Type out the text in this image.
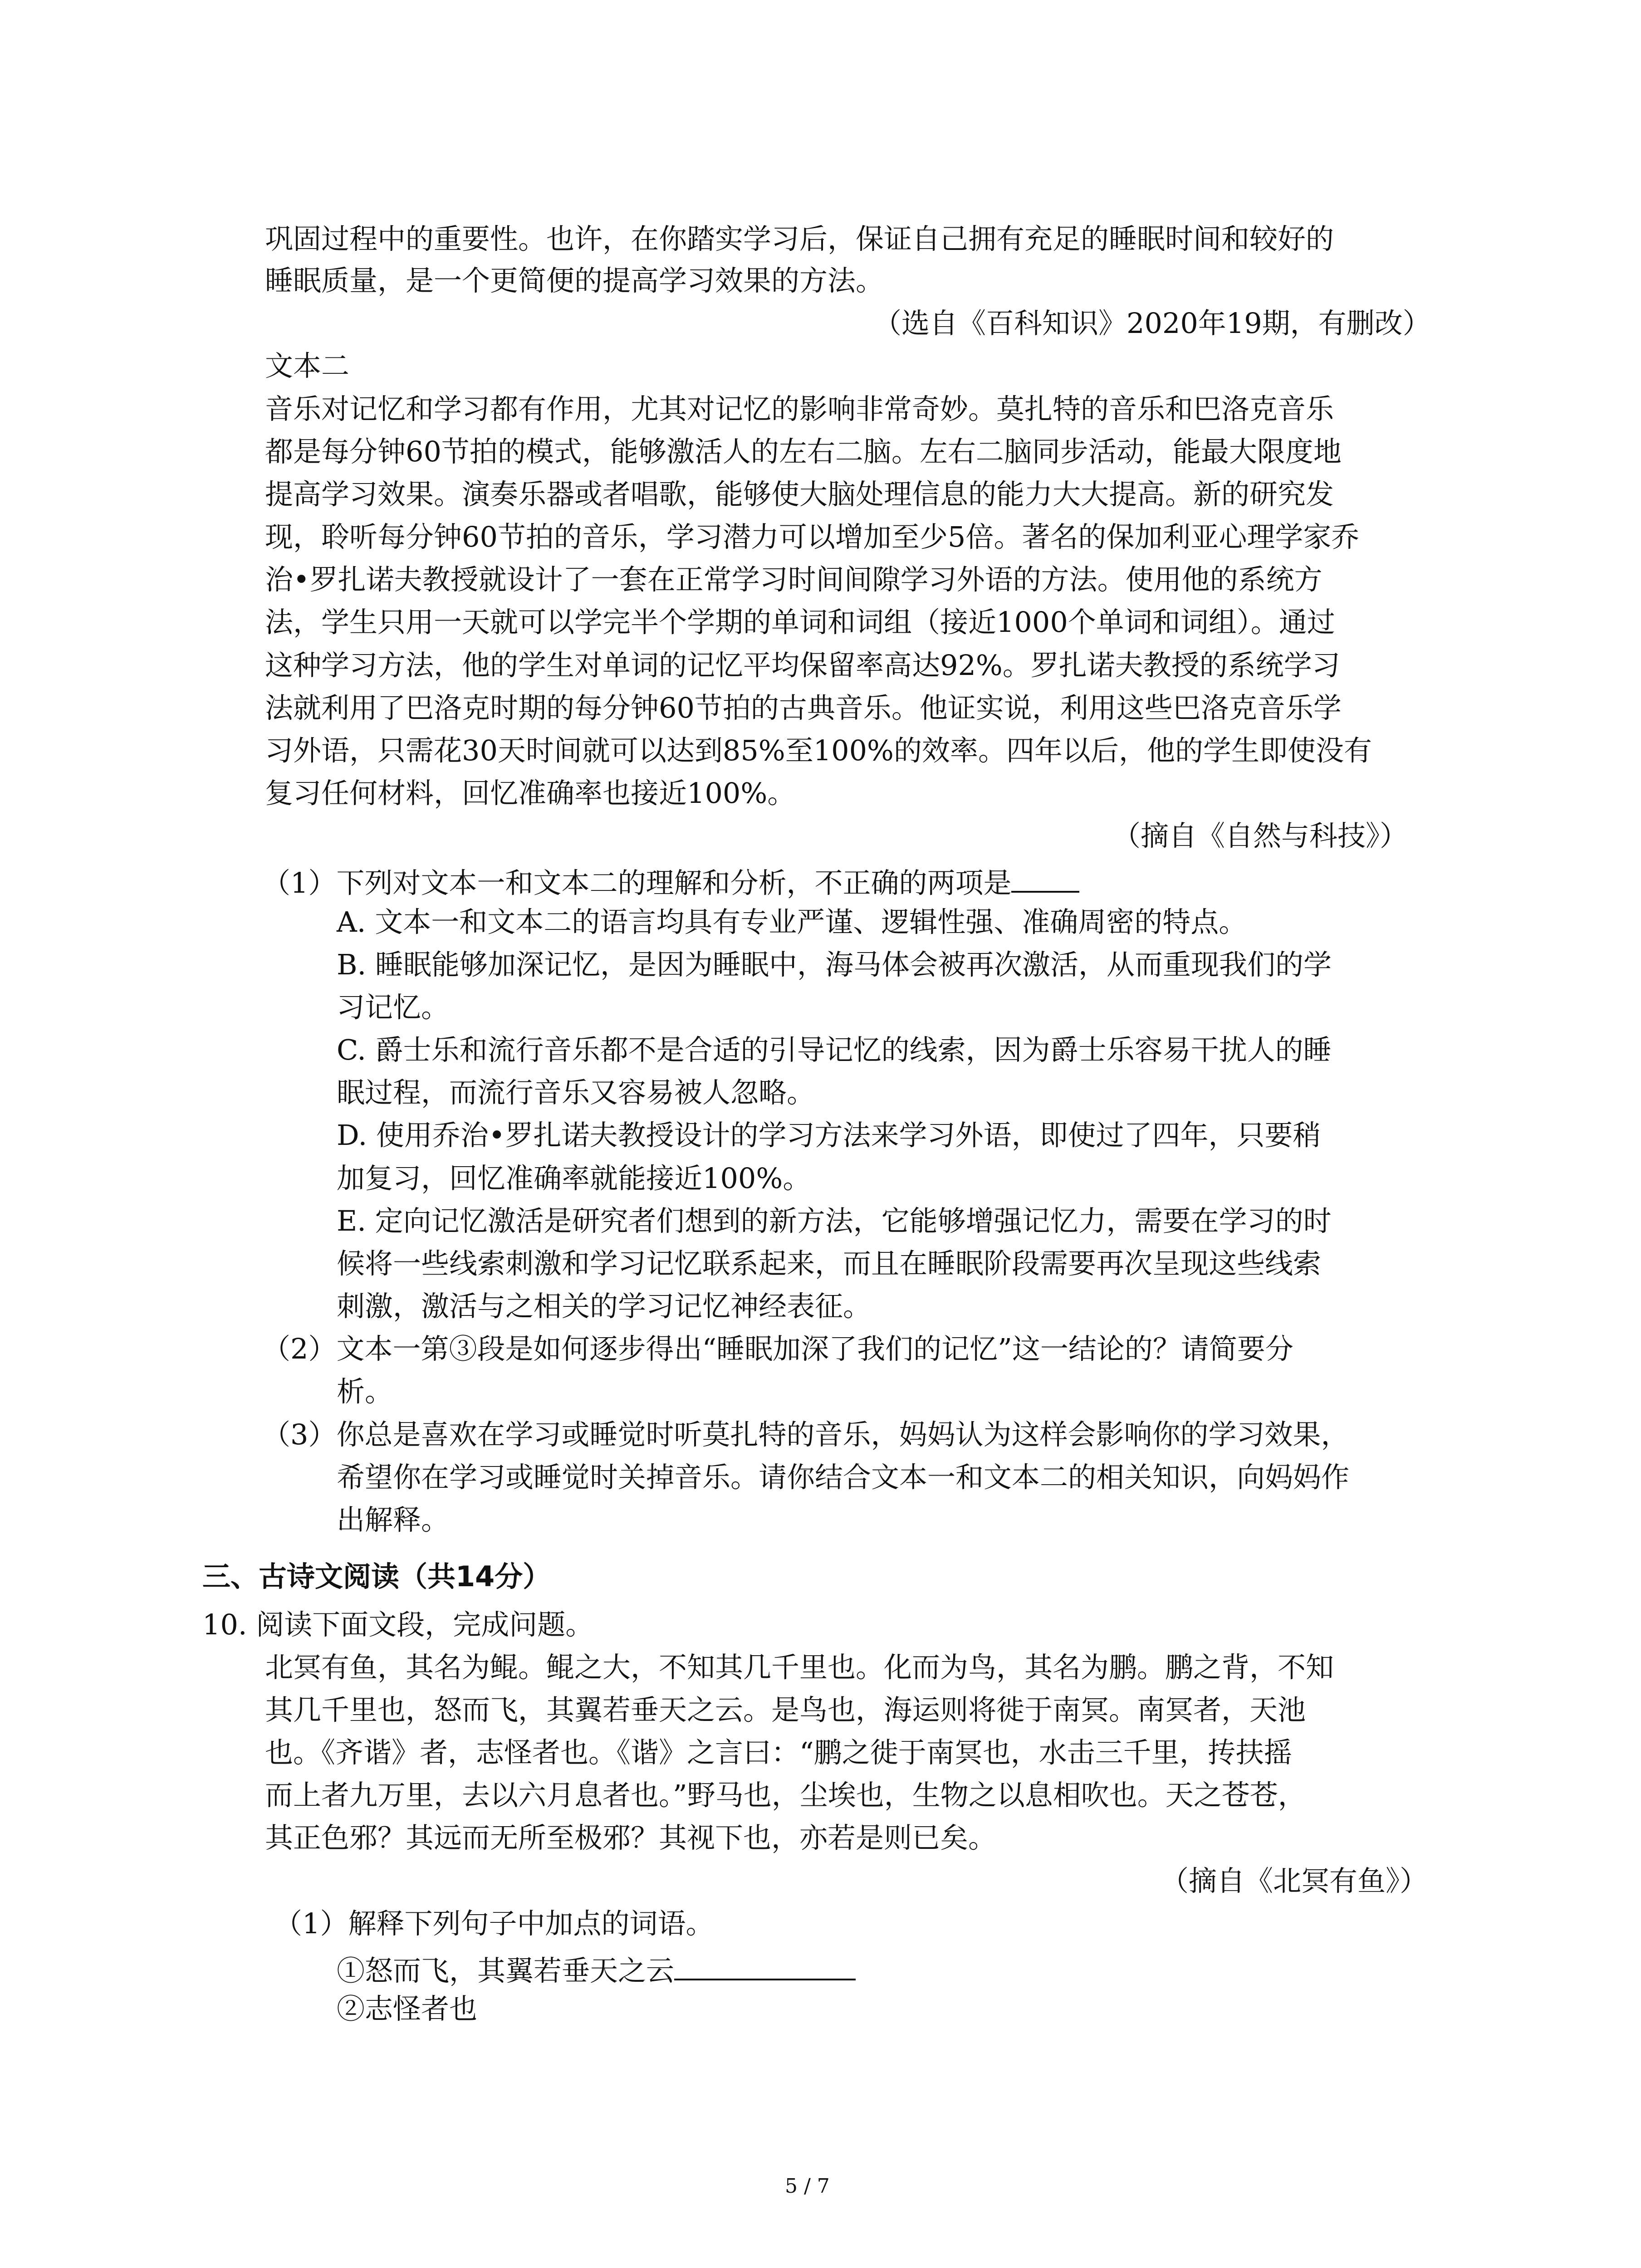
巩固过程中的重要性。也许，在你踏实学习后，保证自己拥有充足的睡眠时间和较好的
睡眠质量，是一个更简便的提高学习效果的方法。
（选自《百科知识》2020年19期，有删改）
文本二
音乐对记忆和学习都有作用，尤其对记忆的影响非常奇妙。莫扎特的音乐和巴洛克音乐
都是每分钟60节拍的模式，能够激活人的左右二脑。左右二脑同步活动，能最大限度地
提高学习效果。演奏乐器或者唱歌，能够使大脑处理信息的能力大大提高。新的研究发
现，聆听每分钟60节拍的音乐，学习潜力可以增加至少5倍。著名的保加利亚心理学家乔
治•罗扎诺夫教授就设计了一套在正常学习时间间隙学习外语的方法。使用他的系统方
法，学生只用一天就可以学完半个学期的单词和词组（接近1000个单词和词组）。通过
这种学习方法，他的学生对单词的记忆平均保留率高达92%。罗扎诺夫教授的系统学习
法就利用了巴洛克时期的每分钟60节拍的古典音乐。他证实说，利用这些巴洛克音乐学
习外语，只需花30天时间就可以达到85%至100%的效率。四年以后，他的学生即使没有
复习任何材料，回忆准确率也接近100%。
（摘自《自然与科技》）
（1）下列对文本一和文本二的理解和分析，不正确的两项是
A. 文本一和文本二的语言均具有专业严谨、逻辑性强、准确周密的特点。
B. 睡眠能够加深记忆，是因为睡眠中，海马体会被再次激活，从而重现我们的学
习记忆。
C. 爵士乐和流行音乐都不是合适的引导记忆的线索，因为爵士乐容易干扰人的睡
眠过程，而流行音乐又容易被人忽略。
D. 使用乔治•罗扎诺夫教授设计的学习方法来学习外语，即使过了四年，只要稍
加复习，回忆准确率就能接近100%。
E. 定向记忆激活是研究者们想到的新方法，它能够增强记忆力，需要在学习的时
候将一些线索刺激和学习记忆联系起来，而且在睡眠阶段需要再次呈现这些线索
刺激，激活与之相关的学习记忆神经表征。
（2）文本一第③段是如何逐步得出“睡眠加深了我们的记忆”这一结论的？请简要分
析。
（3）你总是喜欢在学习或睡觉时听莫扎特的音乐，妈妈认为这样会影响你的学习效果，
希望你在学习或睡觉时关掉音乐。请你结合文本一和文本二的相关知识，向妈妈作
出解释。
三、古诗文阅读（共14分）
10. 阅读下面文段，完成问题。
北冥有鱼，其名为鲲。鲲之大，不知其几千里也。化而为鸟，其名为鹏。鹏之背，不知
其几千里也，怒而飞，其翼若垂天之云。是鸟也，海运则将徙于南冥。南冥者，天池
也。《齐谐》者，志怪者也。《谐》之言曰：“鹏之徙于南冥也，水击三千里，抟扶摇
而上者九万里，去以六月息者也。”野马也，尘埃也，生物之以息相吹也。天之苍苍，
其正色邪？其远而无所至极邪？其视下也，亦若是则已矣。
（摘自《北冥有鱼》）
（1）解释下列句子中加点的词语。
①怒而飞，其翼若垂天之云
②志怪者也
5 / 7
